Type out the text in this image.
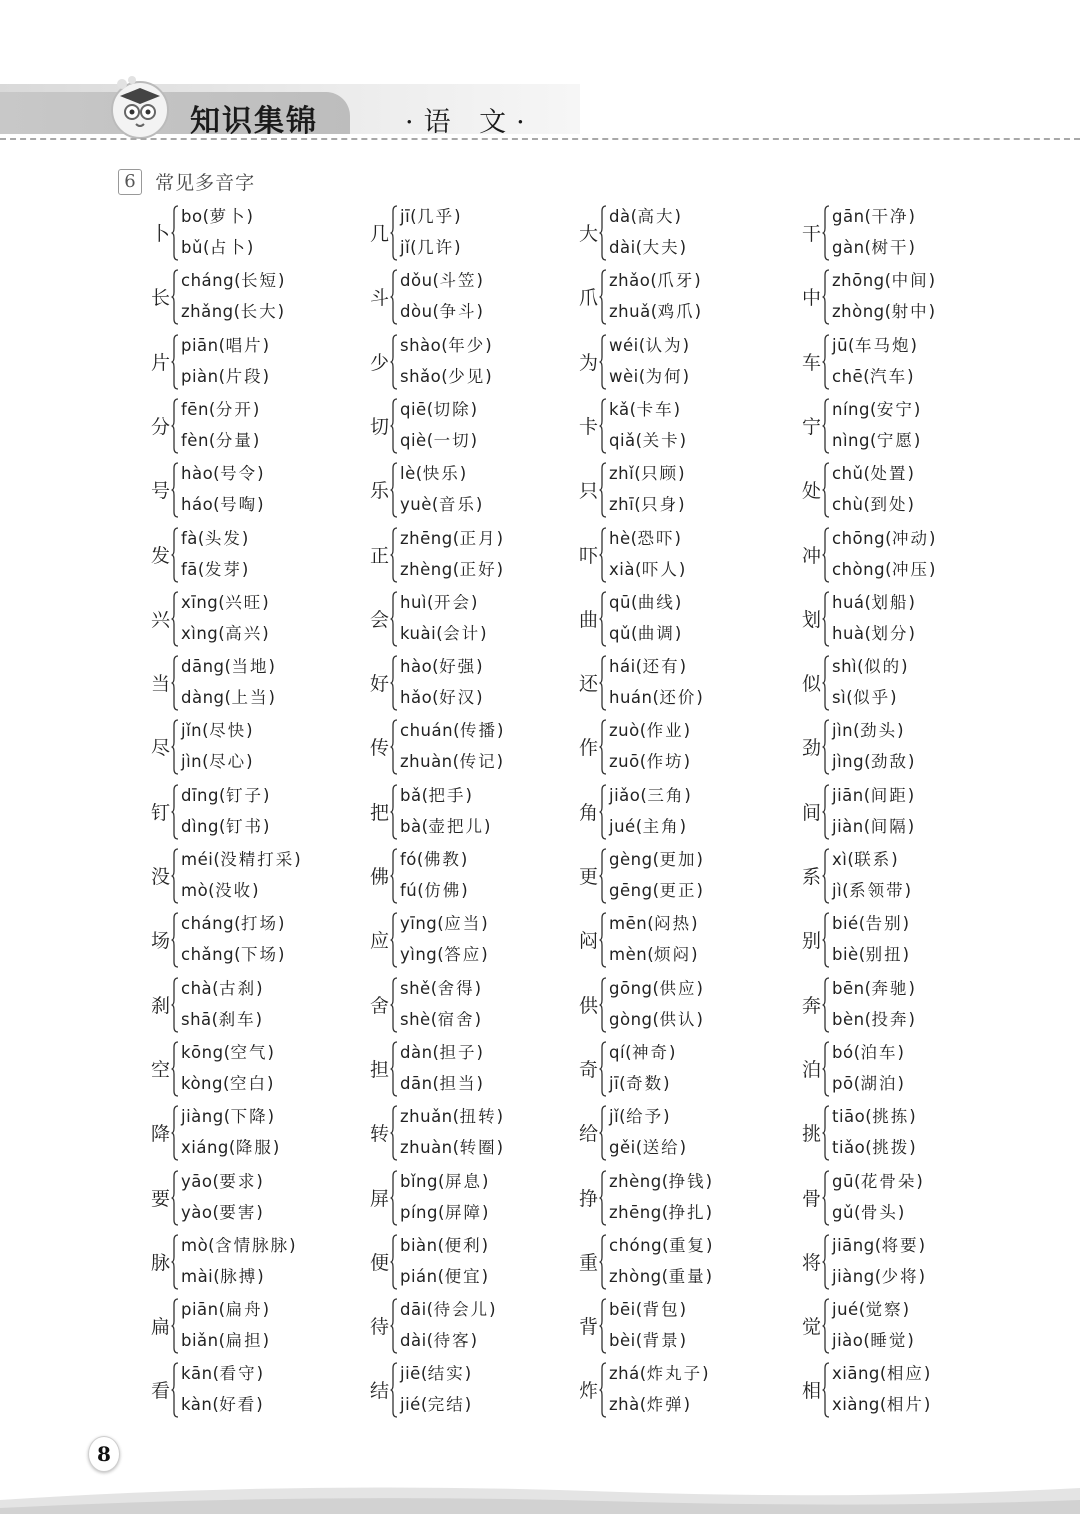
知识集锦	·语 文·
6 常见多音字
卜
bo(萝卜)
bǔ(占卜)
长
cháng(长短)
zhǎng(长大)
片
piān(唱片)
piàn(片段)
分
fēn(分开)
fèn(分量)
号
hào(号令)
háo(号啕)
发
fà(头发)
fā(发芽)
兴
xīng(兴旺)
xìng(高兴)
当
dāng(当地)
dàng(上当)
尽
jǐn(尽快)
jìn(尽心)
钉
dīng(钉子)
dìng(钉书)
没
méi(没精打采)
mò(没收)
场
cháng(打场)
chǎng(下场)
刹
chà(古刹)
shā(刹车)
空
kōng(空气)
kòng(空白)
降
jiàng(下降)
xiáng(降服)
要
yāo(要求)
yào(要害)
脉
mò(含情脉脉)
mài(脉搏)
扁
piān(扁舟)
biǎn(扁担)
看
kān(看守)
kàn(好看)
几
jī(几乎)
jǐ(几许)
斗
dǒu(斗笠)
dòu(争斗)
少
shào(年少)
shǎo(少见)
切
qiē(切除)
qiè(一切)
乐
lè(快乐)
yuè(音乐)
正
zhēng(正月)
zhèng(正好)
会
huì(开会)
kuài(会计)
好
hào(好强)
hǎo(好汉)
传
chuán(传播)
zhuàn(传记)
把
bǎ(把手)
bà(壶把儿)
佛
fó(佛教)
fú(仿佛)
应
yīng(应当)
yìng(答应)
舍
shě(舍得)
shè(宿舍)
担
dàn(担子)
dān(担当)
转
zhuǎn(扭转)
zhuàn(转圈)
屏
bǐng(屏息)
píng(屏障)
便
biàn(便利)
pián(便宜)
待
dāi(待会儿)
dài(待客)
结
jiē(结实)
jié(完结)
大
dà(高大)
dài(大夫)
爪
zhǎo(爪牙)
zhuǎ(鸡爪)
为
wéi(认为)
wèi(为何)
卡
kǎ(卡车)
qiǎ(关卡)
只
zhǐ(只顾)
zhī(只身)
吓
hè(恐吓)
xià(吓人)
曲
qū(曲线)
qǔ(曲调)
还
hái(还有)
huán(还价)
作
zuò(作业)
zuō(作坊)
角
jiǎo(三角)
jué(主角)
更
gèng(更加)
gēng(更正)
闷
mēn(闷热)
mèn(烦闷)
供
gōng(供应)
gòng(供认)
奇
qí(神奇)
jī(奇数)
给
jǐ(给予)
gěi(送给)
挣
zhèng(挣钱)
zhēng(挣扎)
重
chóng(重复)
zhòng(重量)
背
bēi(背包)
bèi(背景)
炸
zhá(炸丸子)
zhà(炸弹)
干
gān(干净)
gàn(树干)
中
zhōng(中间)
zhòng(射中)
车
jū(车马炮)
chē(汽车)
宁
níng(安宁)
nìng(宁愿)
处
chǔ(处置)
chù(到处)
冲
chōng(冲动)
chòng(冲压)
划
huá(划船)
huà(划分)
似
shì(似的)
sì(似乎)
劲
jìn(劲头)
jìng(劲敌)
间
jiān(间距)
jiàn(间隔)
系
xì(联系)
jì(系领带)
别
bié(告别)
biè(别扭)
奔
bēn(奔驰)
bèn(投奔)
泊
bó(泊车)
pō(湖泊)
挑
tiāo(挑拣)
tiǎo(挑拨)
骨
gū(花骨朵)
gǔ(骨头)
将
jiāng(将要)
jiàng(少将)
觉
jué(觉察)
jiào(睡觉)
相
xiāng(相应)
xiàng(相片)
8
